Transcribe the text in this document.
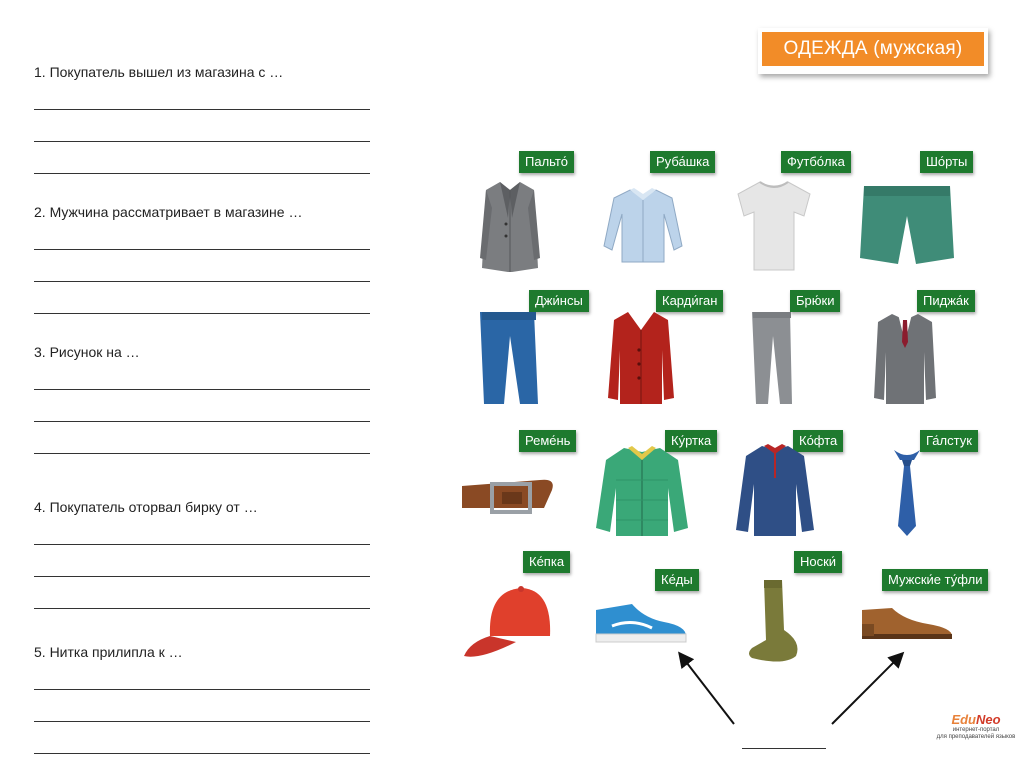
1. Покупатель вышел из магазина с …
2. Мужчина рассматривает в магазине …
3. Рисунок на …
4. Покупатель оторвал бирку от …
5. Нитка прилипла к …
ОДЕЖДА (мужская)
Пальто́	Руба́шка	Футбо́лка	Шо́рты
Джи́нсы	Карди́ган	Брю́ки	Пиджа́к
Реме́нь	Ку́ртка	Ко́фта	Га́лстук
Ке́пка
Ке́ды
Носки́
Мужски́е ту́фли
EduNeo
интернет-портал
для преподавателей языков
